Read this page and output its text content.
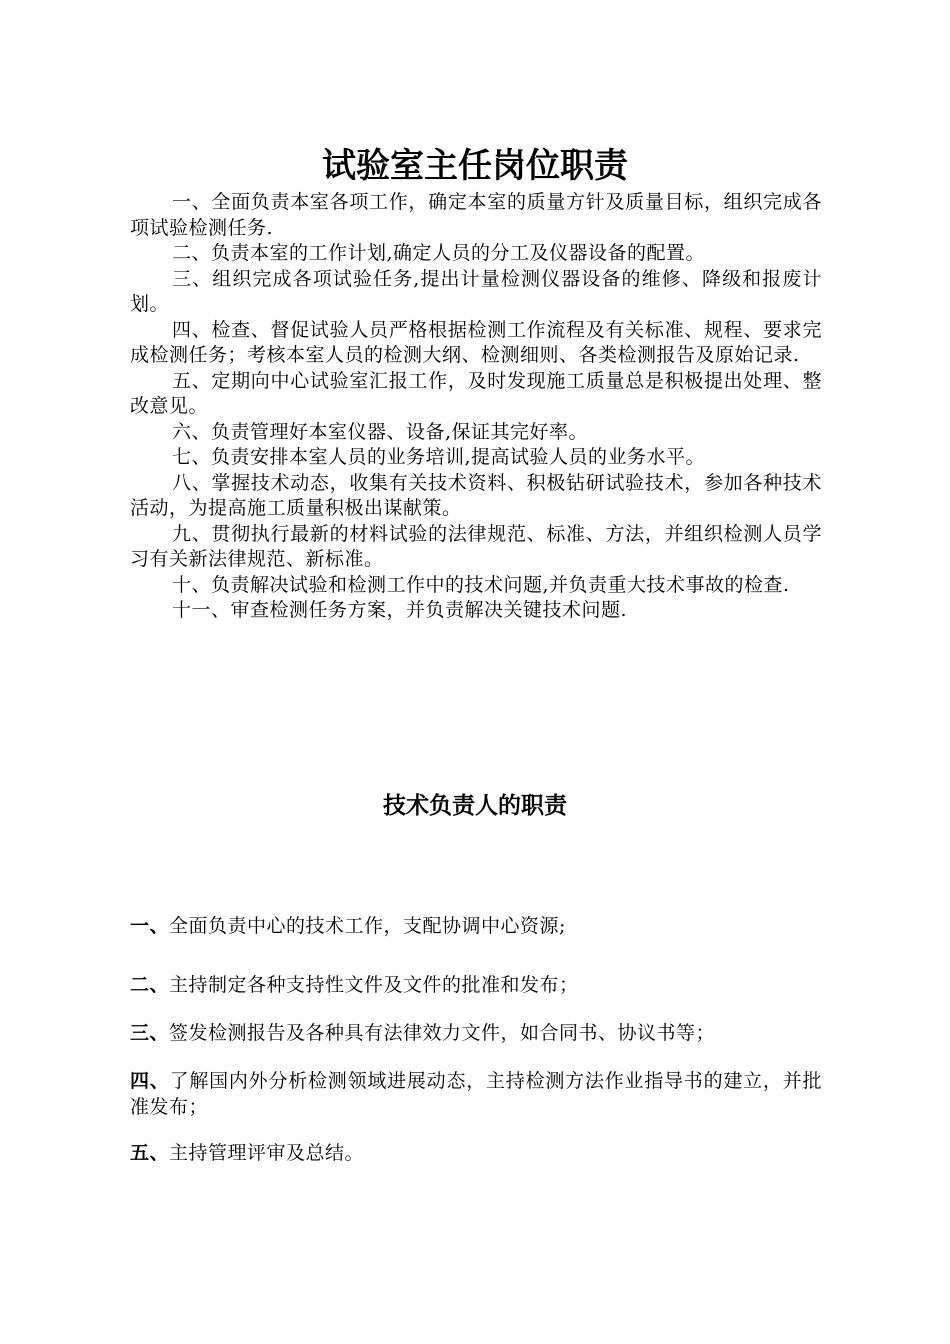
试验室主任岗位职责

一、全面负责本室各项工作，确定本室的质量方针及质量目标，组织完成各项试验检测任务.

二、负责本室的工作计划,确定人员的分工及仪器设备的配置。

三、组织完成各项试验任务,提出计量检测仪器设备的维修、降级和报废计划。

四、检查、督促试验人员严格根据检测工作流程及有关标准、规程、要求完成检测任务；考核本室人员的检测大纲、检测细则、各类检测报告及原始记录.

五、定期向中心试验室汇报工作，及时发现施工质量总是积极提出处理、整改意见。

六、负责管理好本室仪器、设备,保证其完好率。

七、负责安排本室人员的业务培训,提高试验人员的业务水平。

八、掌握技术动态，收集有关技术资料、积极钻研试验技术，参加各种技术活动，为提高施工质量积极出谋献策。

九、贯彻执行最新的材料试验的法律规范、标准、方法，并组织检测人员学习有关新法律规范、新标准。

十、负责解决试验和检测工作中的技术问题,并负责重大技术事故的检查.

十一、审查检测任务方案，并负责解决关键技术问题.

技术负责人的职责

一、全面负责中心的技术工作，支配协调中心资源;

二、主持制定各种支持性文件及文件的批准和发布；

三、签发检测报告及各种具有法律效力文件，如合同书、协议书等；

四、了解国内外分析检测领域进展动态，主持检测方法作业指导书的建立，并批准发布；

五、主持管理评审及总结。
